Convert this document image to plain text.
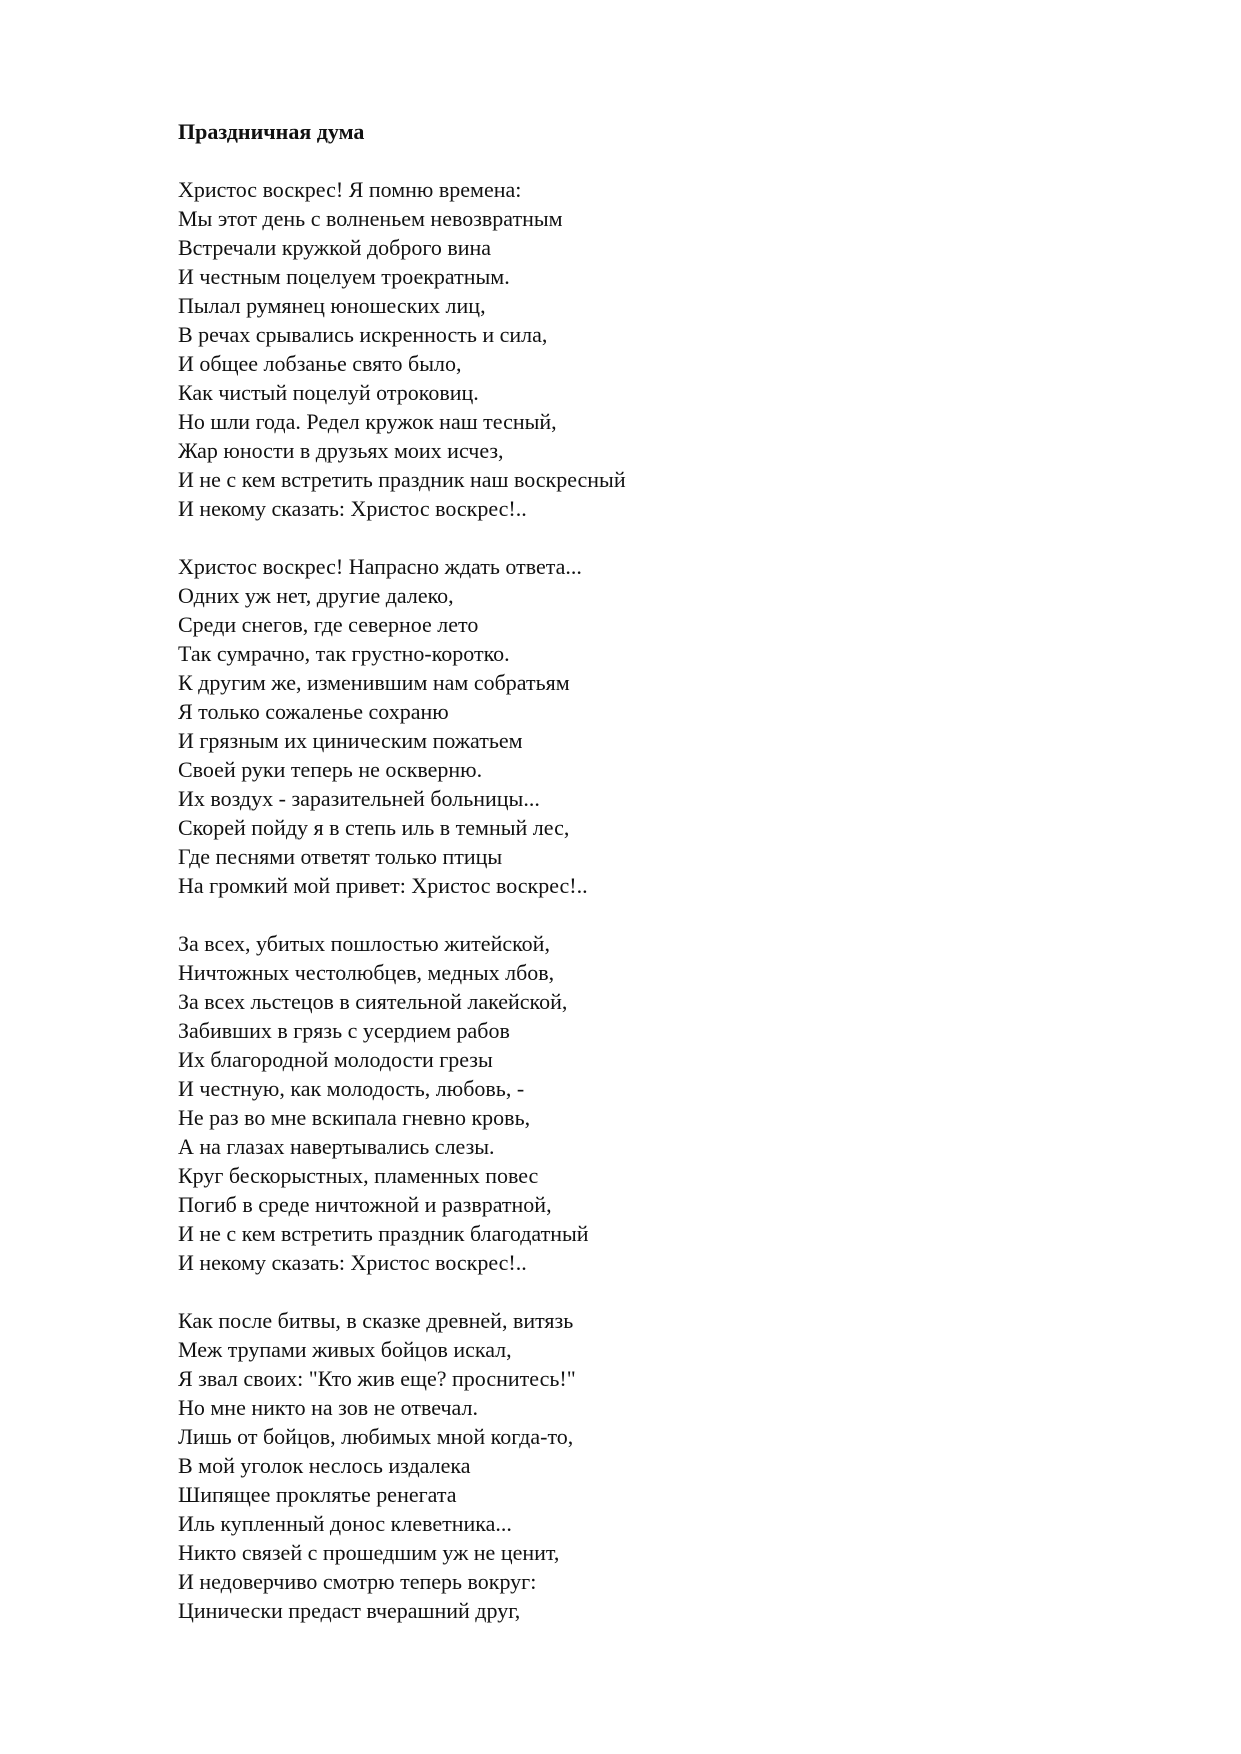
Праздничная дума
Христос воскрес! Я помню времена:
Мы этот день с волненьем невозвратным
Встречали кружкой доброго вина
И честным поцелуем троекратным.
Пылал румянец юношеских лиц,
В речах срывались искренность и сила,
И общее лобзанье свято было,
Как чистый поцелуй отроковиц.
Но шли года. Редел кружок наш тесный,
Жар юности в друзьях моих исчез,
И не с кем встретить праздник наш воскресный
И некому сказать: Христос воскрес!..
Христос воскрес! Напрасно ждать ответа...
Одних уж нет, другие далеко,
Среди снегов, где северное лето
Так сумрачно, так грустно-коротко.
К другим же, изменившим нам собратьям
Я только сожаленье сохраню
И грязным их циническим пожатьем
Своей руки теперь не оскверню.
Их воздух - заразительней больницы...
Скорей пойду я в степь иль в темный лес,
Где песнями ответят только птицы
На громкий мой привет: Христос воскрес!..
За всех, убитых пошлостью житейской,
Ничтожных честолюбцев, медных лбов,
За всех льстецов в сиятельной лакейской,
Забивших в грязь с усердием рабов
Их благородной молодости грезы
И честную, как молодость, любовь, -
Не раз во мне вскипала гневно кровь,
А на глазах навертывались слезы.
Круг бескорыстных, пламенных повес
Погиб в среде ничтожной и развратной,
И не с кем встретить праздник благодатный
И некому сказать: Христос воскрес!..
Как после битвы, в сказке древней, витязь
Меж трупами живых бойцов искал,
Я звал своих: "Кто жив еще? проснитесь!"
Но мне никто на зов не отвечал.
Лишь от бойцов, любимых мной когда-то,
В мой уголок неслось издалека
Шипящее проклятье ренегата
Иль купленный донос клеветника...
Никто связей с прошедшим уж не ценит,
И недоверчиво смотрю теперь вокруг:
Цинически предаст вчерашний друг,
